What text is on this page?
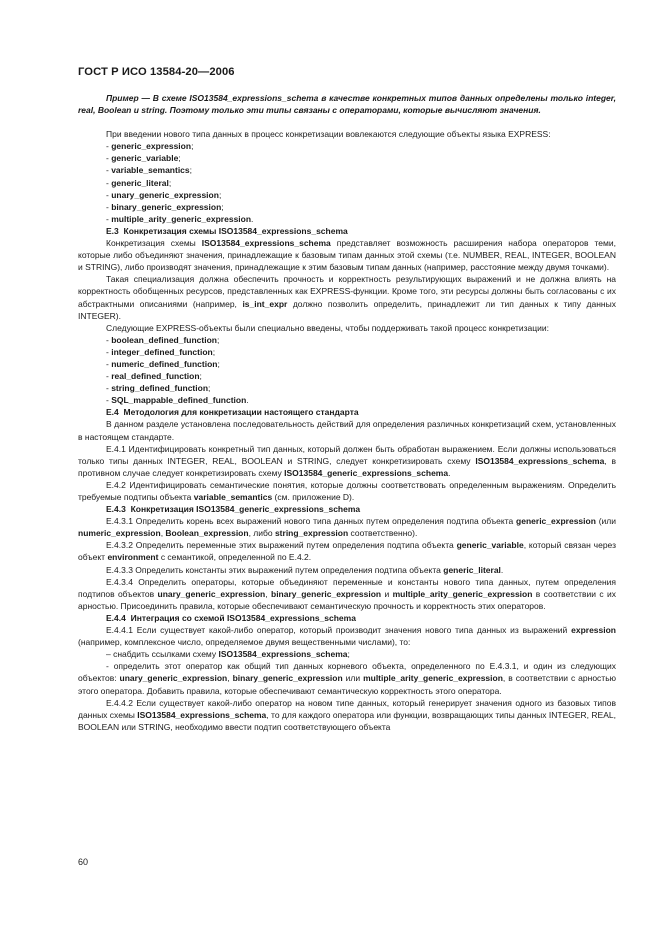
ГОСТ Р ИСО 13584-20—2006

Пример — В схеме ISO13584_expressions_schema в качестве конкретных типов данных определены только integer, real, Boolean и string. Поэтому только эти типы связаны с операторами, которые вычисляют значения.

При введении нового типа данных в процесс конкретизации вовлекаются следующие объекты языка EXPRESS:

- generic_expression;

- generic_variable;

- variable_semantics;

- generic_literal;

- unary_generic_expression;

- binary_generic_expression;

- multiple_arity_generic_expression.

E.3 Конкретизация схемы ISO13584_expressions_schema

Конкретизация схемы ISO13584_expressions_schema представляет возможность расширения набора операторов теми, которые либо объединяют значения, принадлежащие к базовым типам данных этой схемы (т.е. NUMBER, REAL, INTEGER, BOOLEAN и STRING), либо производят значения, принадлежащие к этим базовым типам данных (например, расстояние между двумя точками).

Такая специализация должна обеспечить прочность и корректность результирующих выражений и не должна влиять на корректность обобщенных ресурсов, представленных как EXPRESS-функции. Кроме того, эти ресурсы должны быть согласованы с их абстрактными описаниями (например, is_int_expr должно позволить определить, принадлежит ли тип данных к типу данных INTEGER).

Следующие EXPRESS-объекты были специально введены, чтобы поддерживать такой процесс конкретизации:

- boolean_defined_function;

- integer_defined_function;

- numeric_defined_function;

- real_defined_function;

- string_defined_function;

- SQL_mappable_defined_function.

E.4 Методология для конкретизации настоящего стандарта

В данном разделе установлена последовательность действий для определения различных конкретизаций схем, установленных в настоящем стандарте.

E.4.1 Идентифицировать конкретный тип данных, который должен быть обработан выражением. Если должны использоваться только типы данных INTEGER, REAL, BOOLEAN и STRING, следует конкретизировать схему ISO13584_expressions_schema, в противном случае следует конкретизировать схему ISO13584_generic_expressions_schema.

E.4.2 Идентифицировать семантические понятия, которые должны соответствовать определенным выражениям. Определить требуемые подтипы объекта variable_semantics (см. приложение D).

E.4.3 Конкретизация ISO13584_generic_expressions_schema

E.4.3.1 Определить корень всех выражений нового типа данных путем определения подтипа объекта generic_expression (или numeric_expression, Boolean_expression, либо string_expression соответственно).

E.4.3.2 Определить переменные этих выражений путем определения подтипа объекта generic_variable, который связан через объект environment с семантикой, определенной по E.4.2.

E.4.3.3 Определить константы этих выражений путем определения подтипа объекта generic_literal.

E.4.3.4 Определить операторы, которые объединяют переменные и константы нового типа данных, путем определения подтипов объектов unary_generic_expression, binary_generic_expression и multiple_arity_generic_expression в соответствии с их арностью. Присоединить правила, которые обеспечивают семантическую прочность и корректность этих операторов.

E.4.4 Интеграция со схемой ISO13584_expressions_schema

E.4.4.1 Если существует какой-либо оператор, который производит значения нового типа данных из выражений expression (например, комплексное число, определяемое двумя вещественными числами), то:

– снабдить ссылками схему ISO13584_expressions_schema;

- определить этот оператор как общий тип данных корневого объекта, определенного по E.4.3.1, и один из следующих объектов: unary_generic_expression, binary_generic_expression или multiple_arity_generic_expression, в соответствии с арностью этого оператора. Добавить правила, которые обеспечивают семантическую корректность этого оператора.

E.4.4.2 Если существует какой-либо оператор на новом типе данных, который генерирует значения одного из базовых типов данных схемы ISO13584_expressions_schema, то для каждого оператора или функции, возвращающих типы данных INTEGER, REAL, BOOLEAN или STRING, необходимо ввести подтип соответствующего объекта

60
